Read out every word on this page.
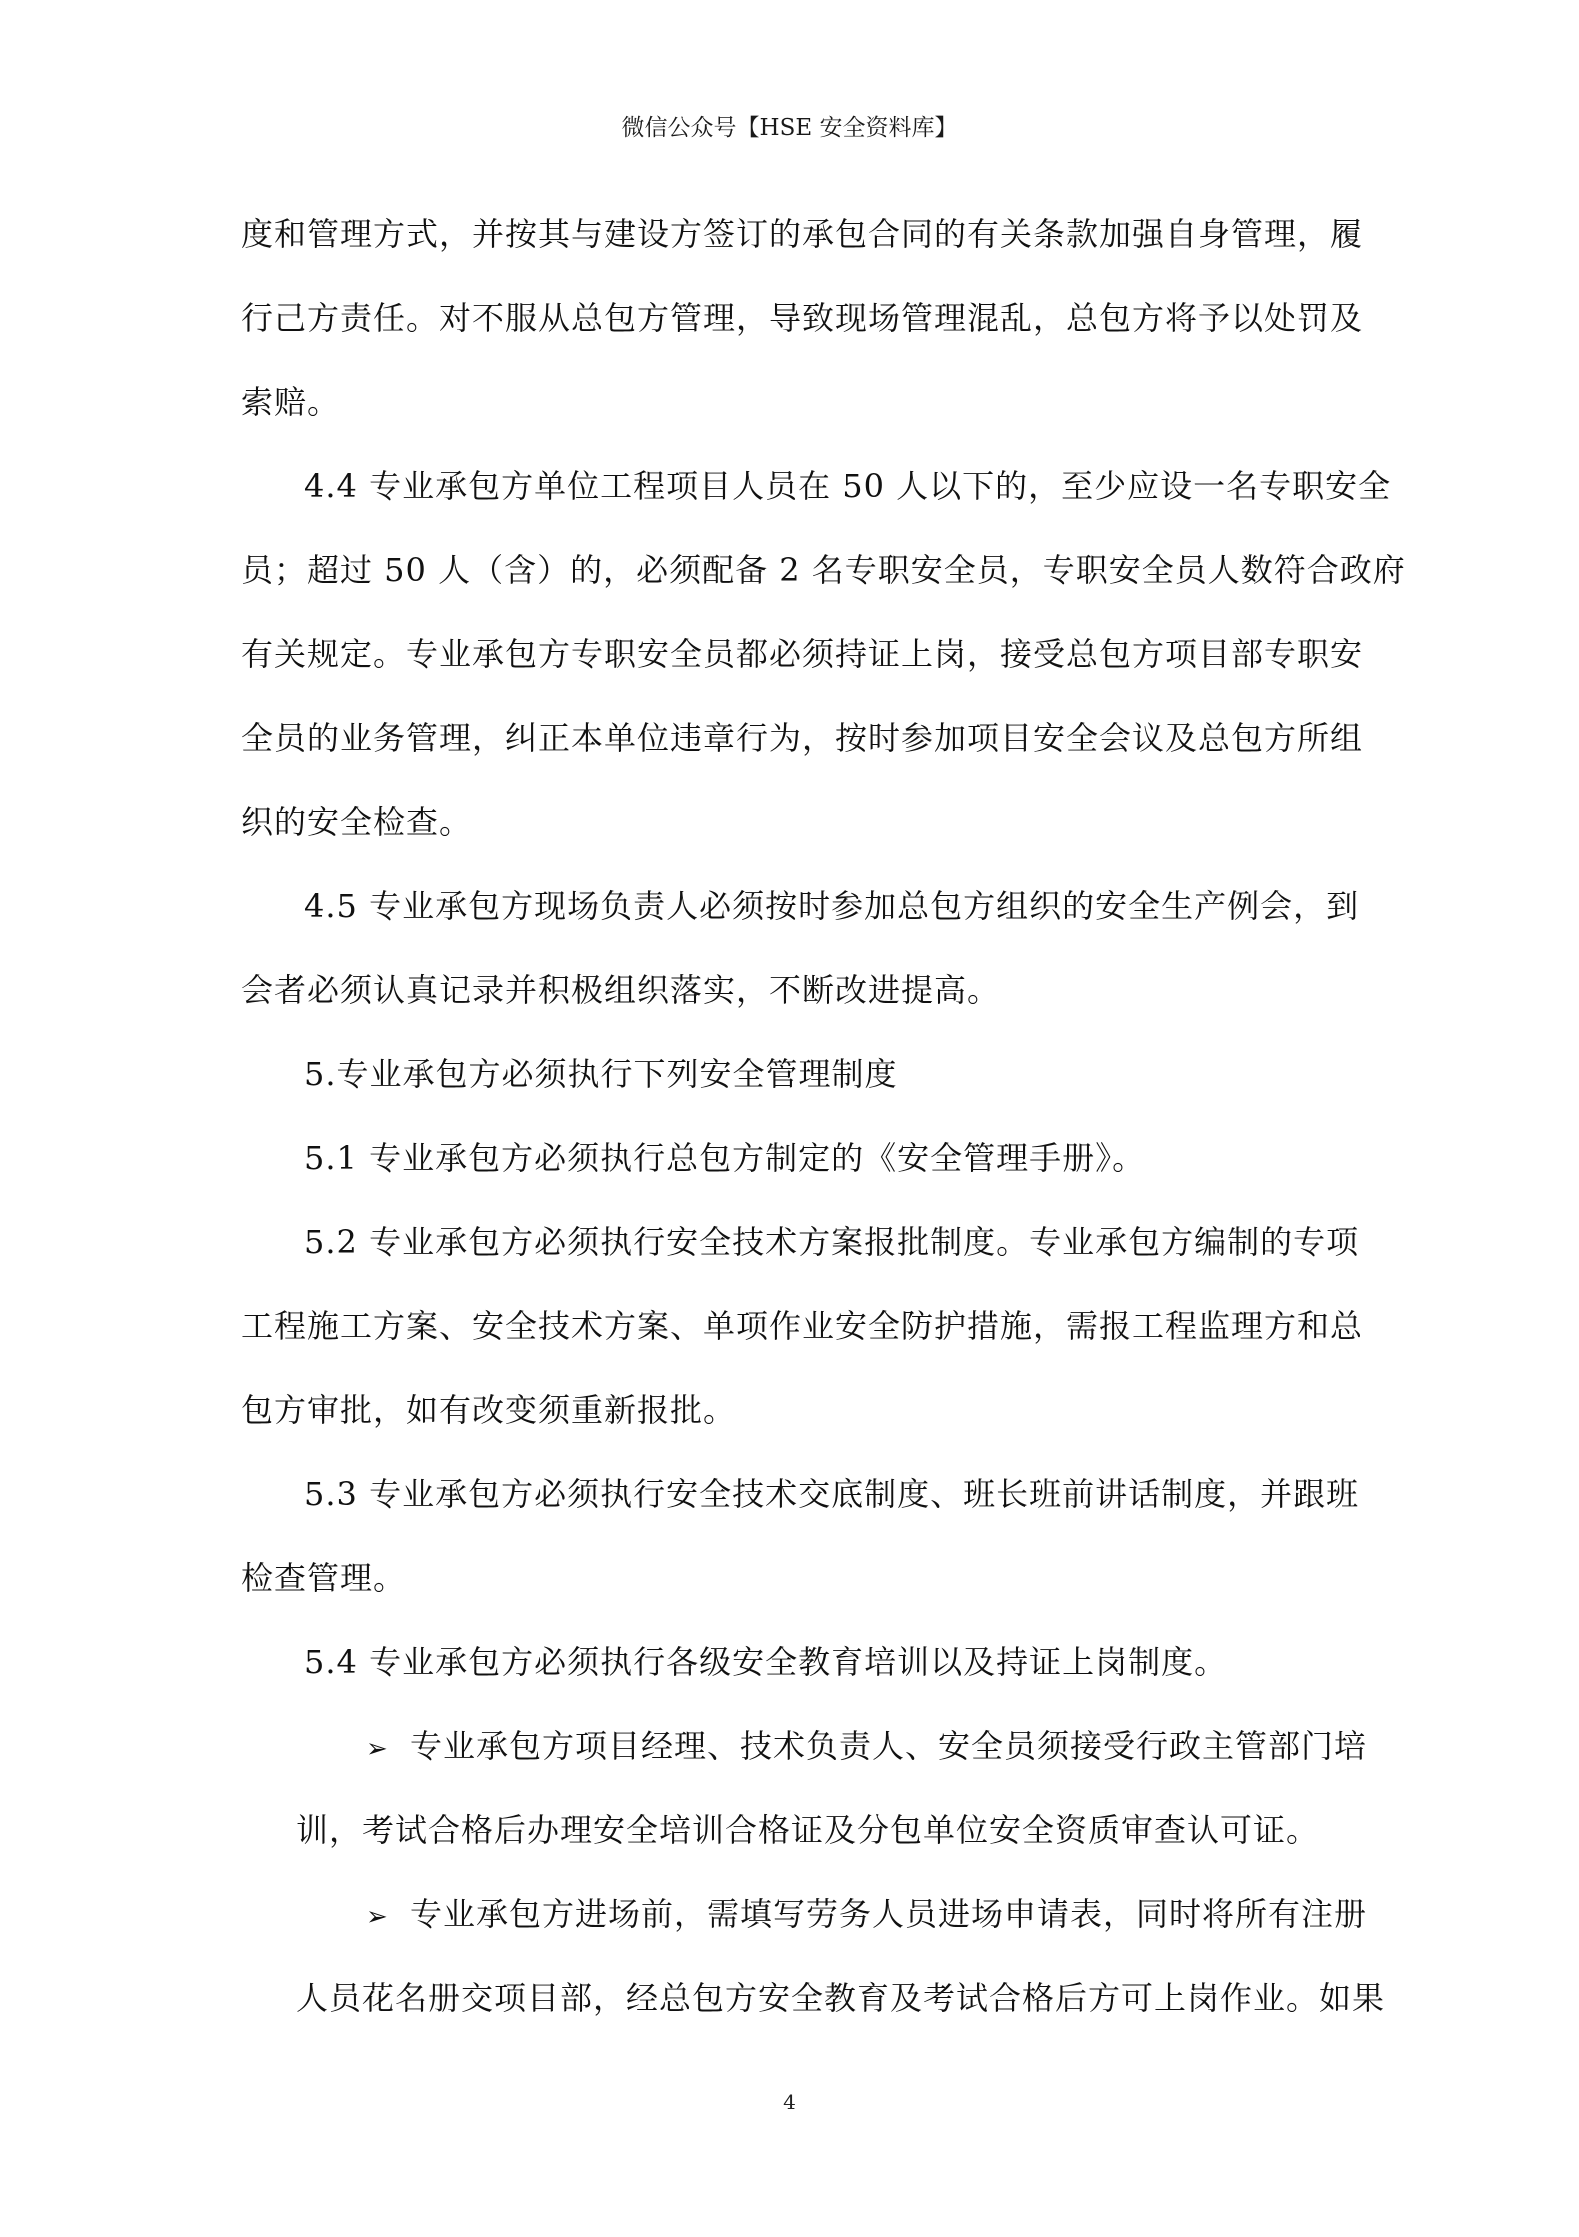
微信公众号【HSE 安全资料库】
度和管理方式，并按其与建设方签订的承包合同的有关条款加强自身管理，履
行己方责任。对不服从总包方管理，导致现场管理混乱，总包方将予以处罚及
索赔。
4.4 专业承包方单位工程项目人员在 50 人以下的，至少应设一名专职安全
员；超过 50 人（含）的，必须配备 2 名专职安全员，专职安全员人数符合政府
有关规定。专业承包方专职安全员都必须持证上岗，接受总包方项目部专职安
全员的业务管理，纠正本单位违章行为，按时参加项目安全会议及总包方所组
织的安全检查。
4.5 专业承包方现场负责人必须按时参加总包方组织的安全生产例会，到
会者必须认真记录并积极组织落实，不断改进提高。
5.专业承包方必须执行下列安全管理制度
5.1 专业承包方必须执行总包方制定的《安全管理手册》。
5.2 专业承包方必须执行安全技术方案报批制度。专业承包方编制的专项
工程施工方案、安全技术方案、单项作业安全防护措施，需报工程监理方和总
包方审批，如有改变须重新报批。
5.3 专业承包方必须执行安全技术交底制度、班长班前讲话制度，并跟班
检查管理。
5.4 专业承包方必须执行各级安全教育培训以及持证上岗制度。
➢ 专业承包方项目经理、技术负责人、安全员须接受行政主管部门培
训，考试合格后办理安全培训合格证及分包单位安全资质审查认可证。
➢ 专业承包方进场前，需填写劳务人员进场申请表，同时将所有注册
人员花名册交项目部，经总包方安全教育及考试合格后方可上岗作业。如果
4
